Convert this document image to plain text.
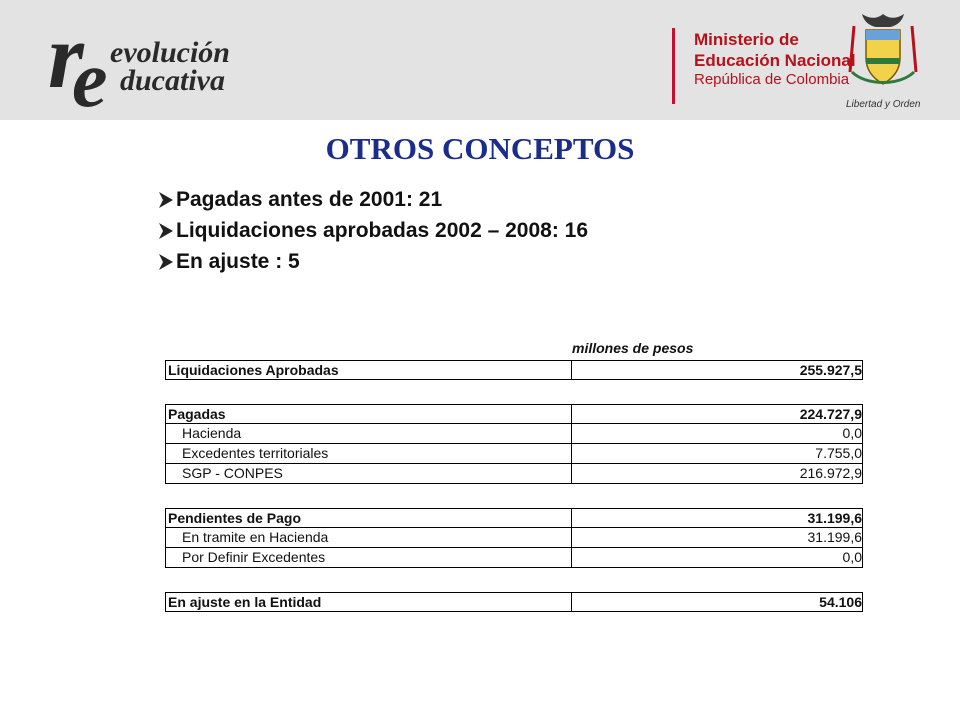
r
e evolución
ducativa
Ministerio de
Educación Nacional
República de Colombia
Libertad y Orden
OTROS CONCEPTOS
Pagadas antes de 2001: 21
Liquidaciones aprobadas 2002 – 2008: 16
En ajuste : 5
millones de pesos
Liquidaciones Aprobadas	255.927,5
Pagadas	224.727,9
Hacienda	0,0
Excedentes territoriales	7.755,0
SGP - CONPES	216.972,9
Pendientes de Pago	31.199,6
En tramite en Hacienda	31.199,6
Por Definir Excedentes	0,0
En ajuste en la Entidad	54.106
